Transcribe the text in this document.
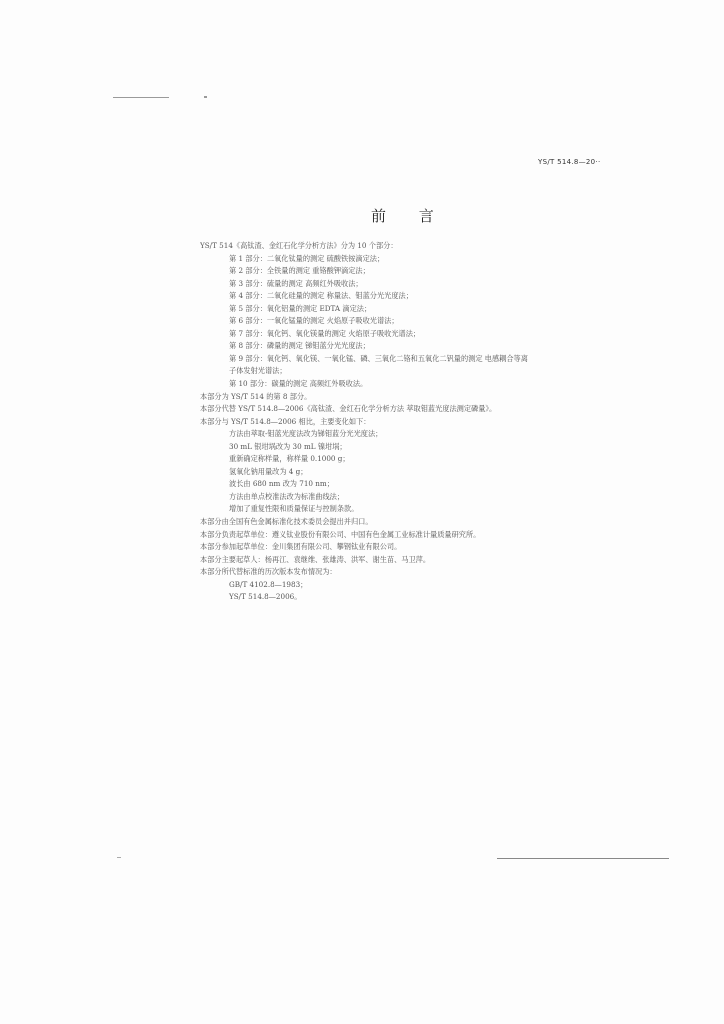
YS/T 514.8—20··
前 言
YS/T 514《高钛渣、金红石化学分析方法》分为 10 个部分：
第 1 部分：二氧化钛量的测定 硫酸铁铵滴定法；
第 2 部分：全铁量的测定 重铬酸钾滴定法；
第 3 部分：硫量的测定 高频红外吸收法；
第 4 部分：二氧化硅量的测定 称量法、钼蓝分光光度法；
第 5 部分：氧化铝量的测定 EDTA 滴定法；
第 6 部分：一氧化锰量的测定 火焰原子吸收光谱法；
第 7 部分：氧化钙、氧化镁量的测定 火焰原子吸收光谱法；
第 8 部分：磷量的测定 锑钼蓝分光光度法；
第 9 部分：氧化钙、氧化镁、一氧化锰、磷、三氧化二铬和五氧化二钒量的测定 电感耦合等离
子体发射光谱法；
第 10 部分：碳量的测定 高频红外吸收法。
本部分为 YS/T 514 的第 8 部分。
本部分代替 YS/T 514.8—2006《高钛渣、金红石化学分析方法 萃取钼蓝光度法测定磷量》。
本部分与 YS/T 514.8—2006 相比，主要变化如下：
方法由萃取-钼蓝光度法改为锑钼蓝分光光度法；
30 mL 银坩埚改为 30 mL 镍坩埚；
重新确定称样量，称样量 0.1000 g；
氢氧化钠用量改为 4 g；
波长由 680 nm 改为 710 nm；
方法由单点校准法改为标准曲线法；
增加了重复性限和质量保证与控制条款。
本部分由全国有色金属标准化技术委员会提出并归口。
本部分负责起草单位：遵义钛业股份有限公司、中国有色金属工业标准计量质量研究所。
本部分参加起草单位：金川集团有限公司、攀钢钛业有限公司。
本部分主要起草人：杨再江、袁继维、张雄涛、洪军、谢生苗、马卫萍。
本部分所代替标准的历次版本发布情况为：
GB/T 4102.8—1983；
YS/T 514.8—2006。
